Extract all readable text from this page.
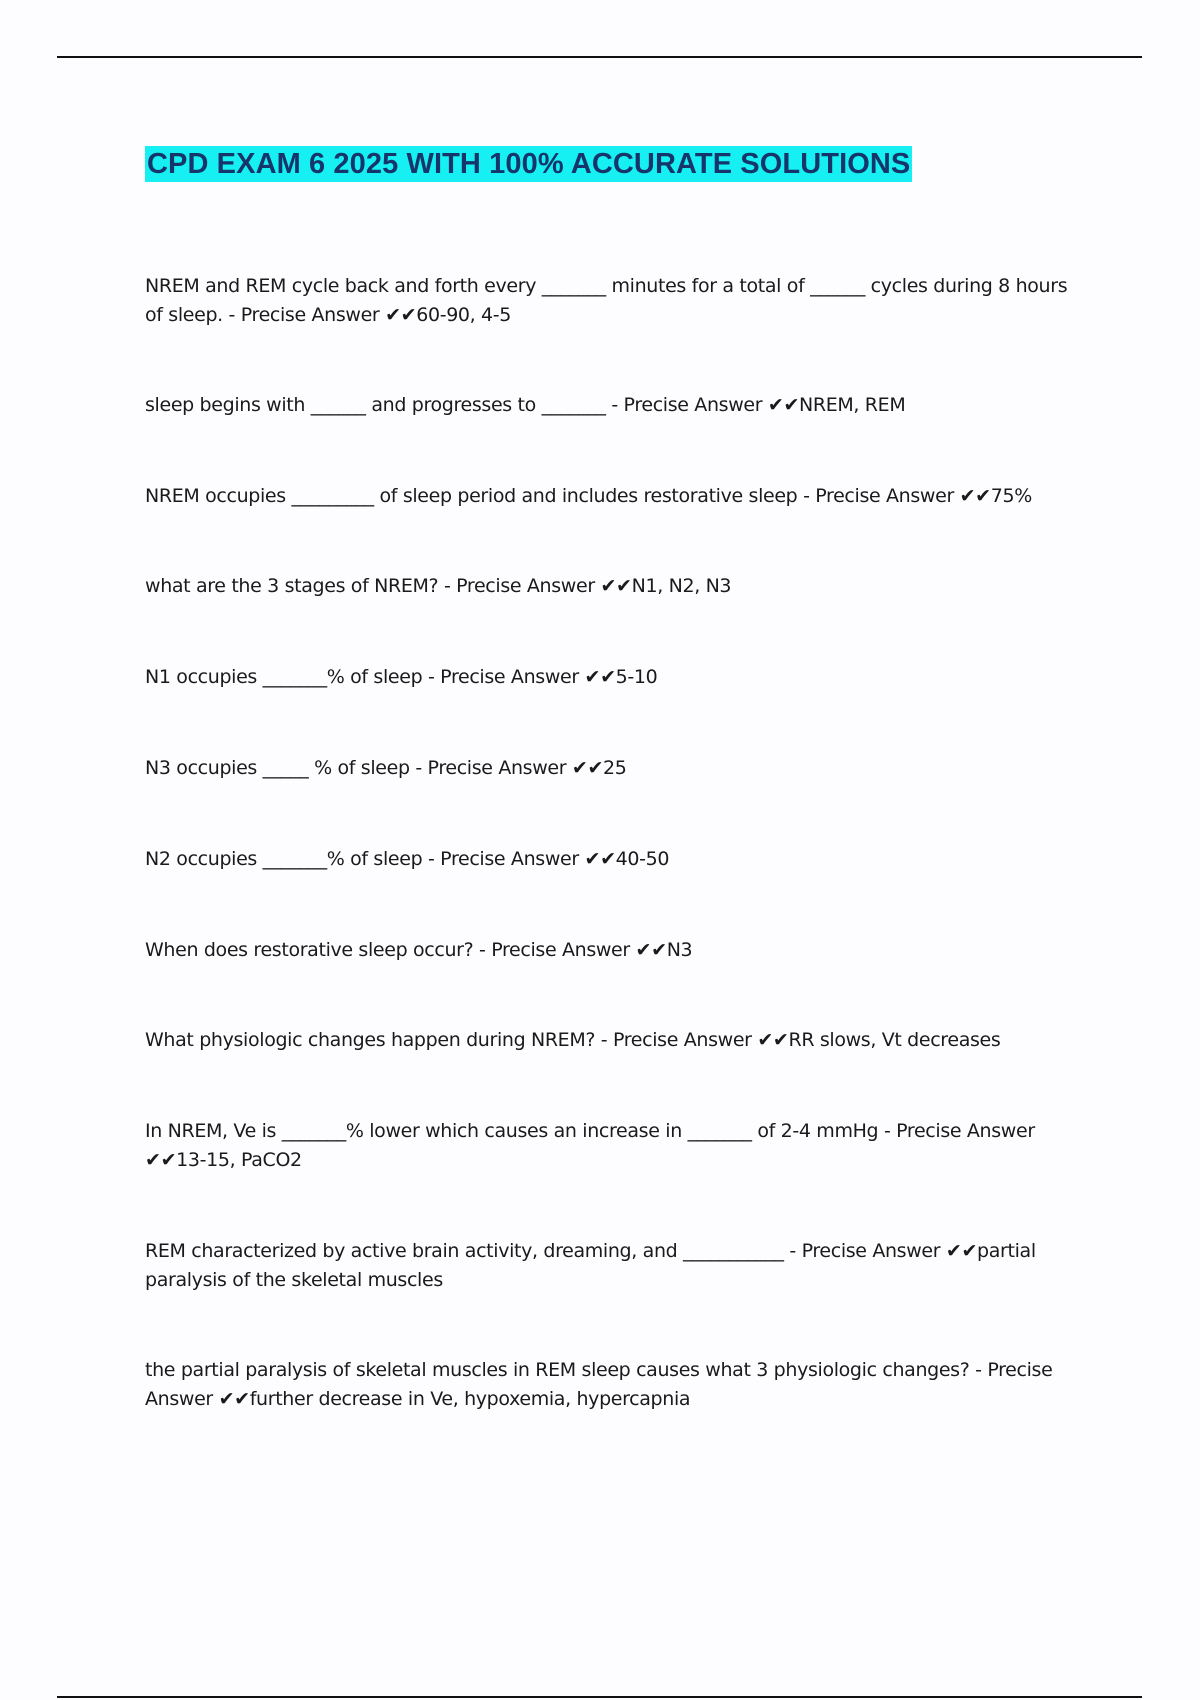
CPD EXAM 6 2025 WITH 100% ACCURATE SOLUTIONS

NREM and REM cycle back and forth every _______ minutes for a total of ______ cycles during 8 hours of sleep. - Precise Answer ✔✔60-90, 4-5

sleep begins with ______ and progresses to _______ - Precise Answer ✔✔NREM, REM

NREM occupies _________ of sleep period and includes restorative sleep - Precise Answer ✔✔75%

what are the 3 stages of NREM? - Precise Answer ✔✔N1, N2, N3

N1 occupies _______% of sleep - Precise Answer ✔✔5-10

N3 occupies _____ % of sleep - Precise Answer ✔✔25

N2 occupies _______% of sleep - Precise Answer ✔✔40-50

When does restorative sleep occur? - Precise Answer ✔✔N3

What physiologic changes happen during NREM? - Precise Answer ✔✔RR slows, Vt decreases

In NREM, Ve is _______% lower which causes an increase in _______ of 2-4 mmHg - Precise Answer ✔✔13-15, PaCO2

REM characterized by active brain activity, dreaming, and ___________ - Precise Answer ✔✔partial paralysis of the skeletal muscles

the partial paralysis of skeletal muscles in REM sleep causes what 3 physiologic changes? - Precise Answer ✔✔further decrease in Ve, hypoxemia, hypercapnia
